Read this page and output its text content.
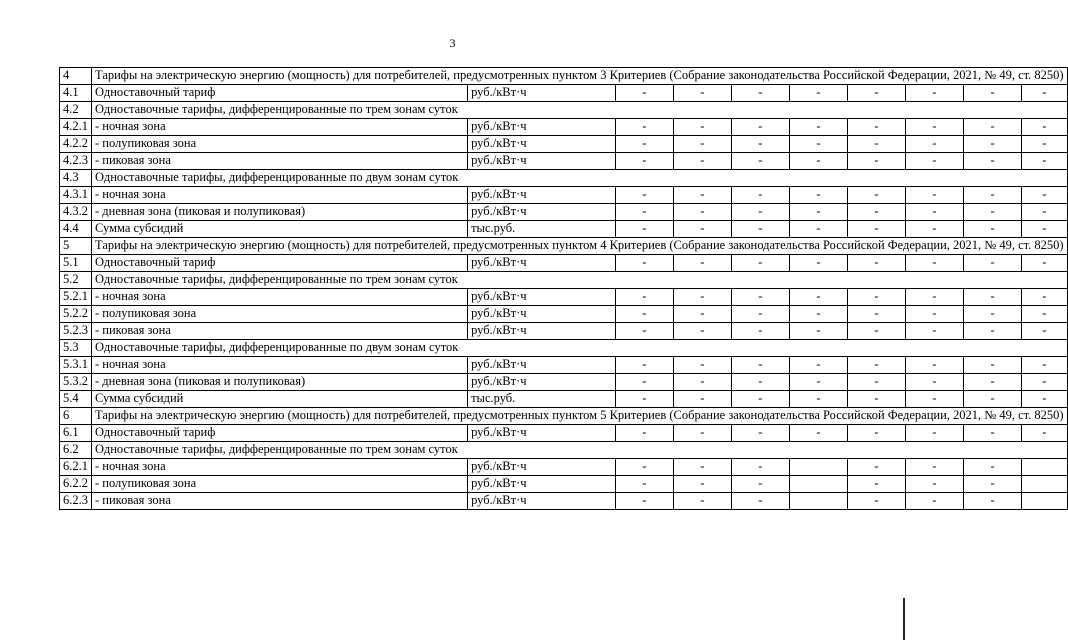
3
4	Тарифы на электрическую энергию (мощность) для потребителей, предусмотренных пунктом 3 Критериев (Собрание законодательства Российской Федерации, 2021, № 49, ст. 8250)									
4.1	Одноставочный тариф	руб./кВт·ч	-	-	-	-	-	-	-	-
4.2	Одноставочные тарифы, дифференцированные по трем зонам суток									
4.2.1	- ночная зона	руб./кВт·ч	-	-	-	-	-	-	-	-
4.2.2	- полупиковая зона	руб./кВт·ч	-	-	-	-	-	-	-	-
4.2.3	- пиковая зона	руб./кВт·ч	-	-	-	-	-	-	-	-
4.3	Одноставочные тарифы, дифференцированные по двум зонам суток									
4.3.1	- ночная зона	руб./кВт·ч	-	-	-	-	-	-	-	-
4.3.2	- дневная зона (пиковая и полупиковая)	руб./кВт·ч	-	-	-	-	-	-	-	-
4.4	Сумма субсидий	тыс.руб.	-	-	-	-	-	-	-	-
5	Тарифы на электрическую энергию (мощность) для потребителей, предусмотренных пунктом 4 Критериев (Собрание законодательства Российской Федерации, 2021, № 49, ст. 8250)									
5.1	Одноставочный тариф	руб./кВт·ч	-	-	-	-	-	-	-	-
5.2	Одноставочные тарифы, дифференцированные по трем зонам суток									
5.2.1	- ночная зона	руб./кВт·ч	-	-	-	-	-	-	-	-
5.2.2	- полупиковая зона	руб./кВт·ч	-	-	-	-	-	-	-	-
5.2.3	- пиковая зона	руб./кВт·ч	-	-	-	-	-	-	-	-
5.3	Одноставочные тарифы, дифференцированные по двум зонам суток									
5.3.1	- ночная зона	руб./кВт·ч	-	-	-	-	-	-	-	-
5.3.2	- дневная зона (пиковая и полупиковая)	руб./кВт·ч	-	-	-	-	-	-	-	-
5.4	Сумма субсидий	тыс.руб.	-	-	-	-	-	-	-	-
6	Тарифы на электрическую энергию (мощность) для потребителей, предусмотренных пунктом 5 Критериев (Собрание законодательства Российской Федерации, 2021, № 49, ст. 8250)									
6.1	Одноставочный тариф	руб./кВт·ч	-	-	-	-	-	-	-	-
6.2	Одноставочные тарифы, дифференцированные по трем зонам суток									
6.2.1	- ночная зона	руб./кВт·ч	-	-	-		-	-	-	
6.2.2	- полупиковая зона	руб./кВт·ч	-	-	-		-	-	-	
6.2.3	- пиковая зона	руб./кВт·ч	-	-	-		-	-	-	
